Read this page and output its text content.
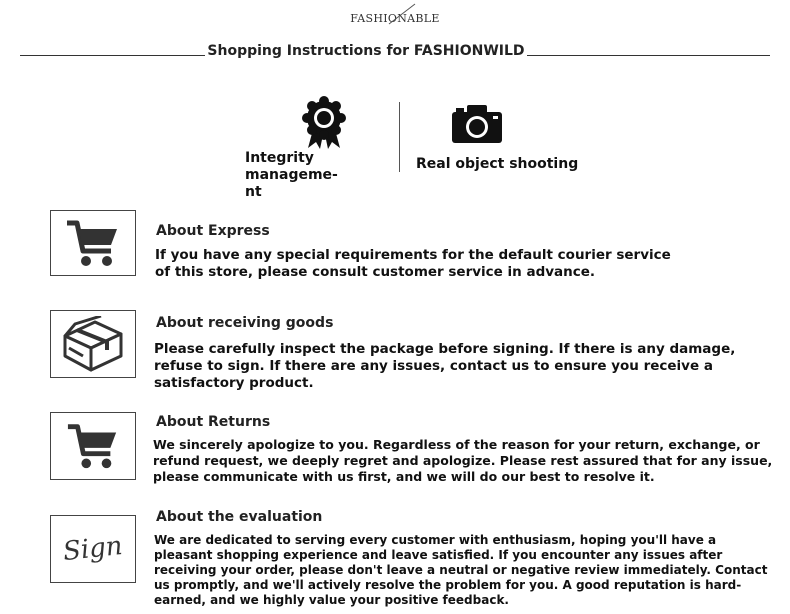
FASHIONABLE
Shopping Instructions for FASHIONWILD
Integrity manageme-
nt
Real object shooting
About Express
If you have any special requirements for the default courier service of this store, please consult customer service in advance.
About receiving goods
Please carefully inspect the package before signing. If there is any damage, refuse to sign. If there are any issues, contact us to ensure you receive a satisfactory product.
About Returns
We sincerely apologize to you. Regardless of the reason for your return, exchange, or refund request, we deeply regret and apologize. Please rest assured that for any issue, please communicate with us first, and we will do our best to resolve it.
Sign
About the evaluation
We are dedicated to serving every customer with enthusiasm, hoping you'll have a pleasant shopping experience and leave satisfied. If you encounter any issues after receiving your order, please don't leave a neutral or negative review immediately. Contact us promptly, and we'll actively resolve the problem for you. A good reputation is hard-earned, and we highly value your positive feedback.
